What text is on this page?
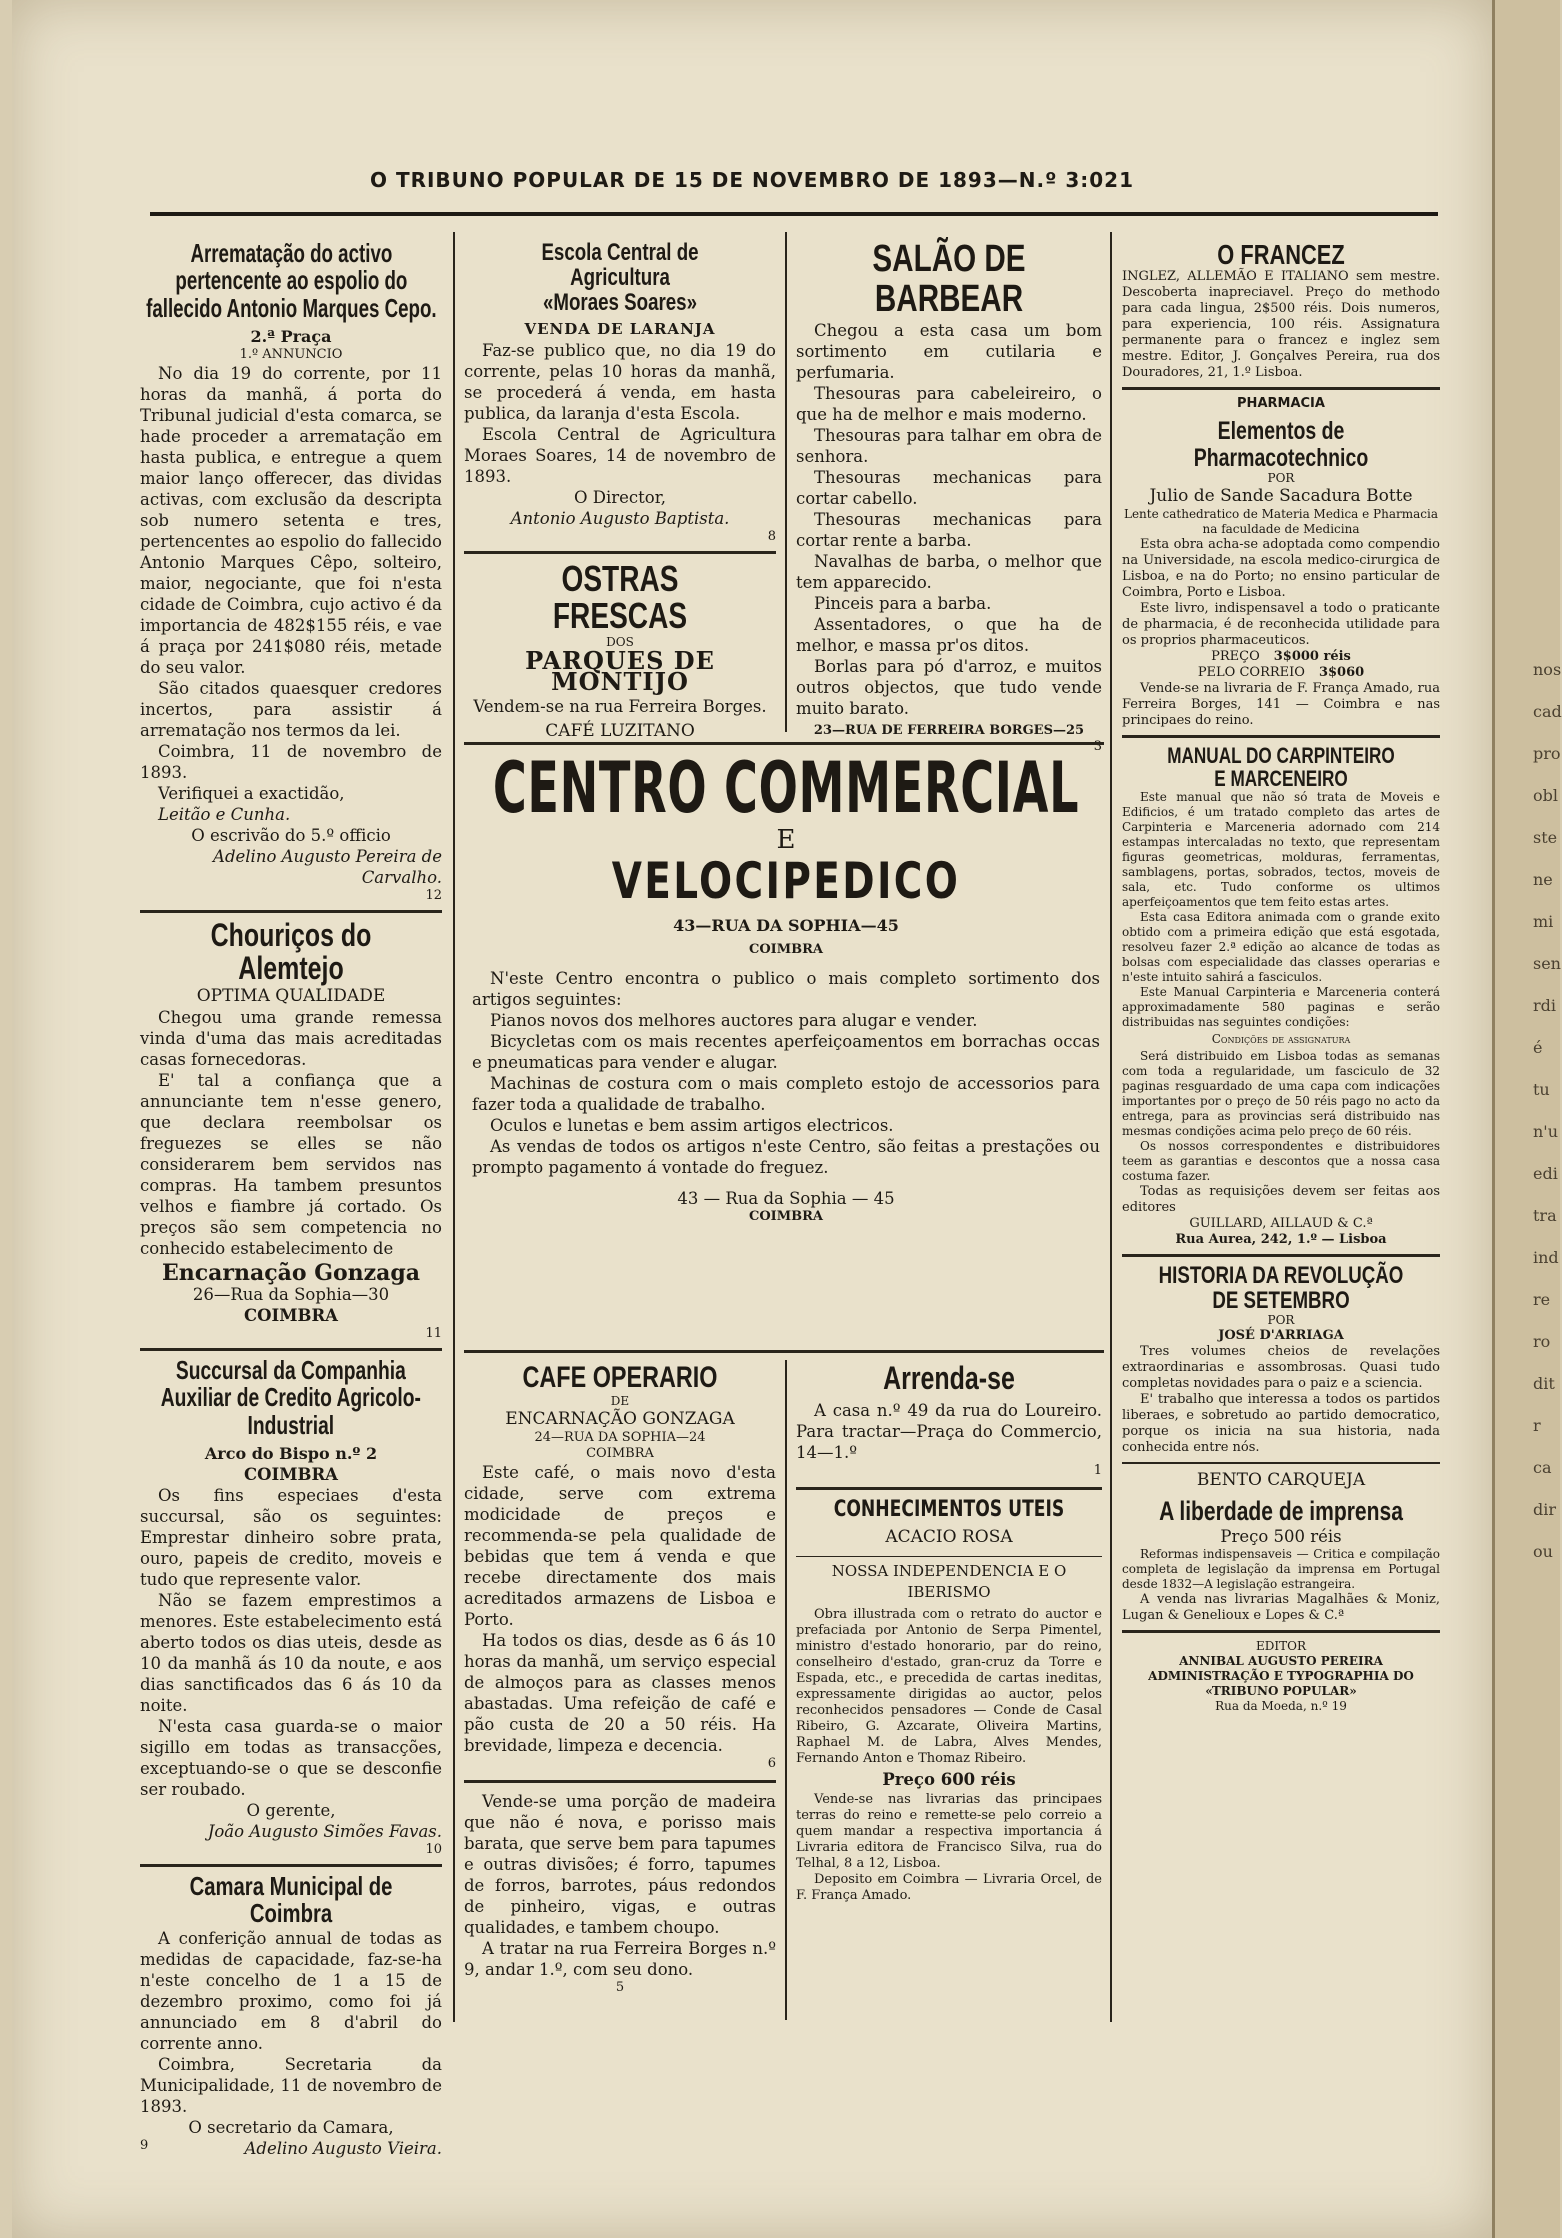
O TRIBUNO POPULAR DE 15 DE NOVEMBRO DE 1893—N.º 3:021
Arrematação do activo pertencente ao espolio do fallecido Antonio Marques Cepo.
2.ª Praça
1.º ANNUNCIO

No dia 19 do corrente, por 11 horas da manhã, á porta do Tribunal judicial d'esta comarca, se hade proceder a arrematação em hasta publica, e entregue a quem maior lanço offerecer, das dividas activas, com exclusão da descripta sob numero setenta e tres, pertencentes ao espolio do fallecido Antonio Marques Cêpo, solteiro, maior, negociante, que foi n'esta cidade de Coimbra, cujo activo é da importancia de 482$155 réis, e vae á praça por 241$080 réis, metade do seu valor.

São citados quaesquer credores incertos, para assistir á arrematação nos termos da lei.

Coimbra, 11 de novembro de 1893.

Verifiquei a exactidão,

Leitão e Cunha.

O escrivão do 5.º officio
Adelino Augusto Pereira de Carvalho.
12
Chouriços do Alemtejo
OPTIMA QUALIDADE

Chegou uma grande remessa vinda d'uma das mais acreditadas casas fornecedoras.

E' tal a confiança que a annunciante tem n'esse genero, que declara reembolsar os freguezes se elles se não considerarem bem servidos nas compras. Ha tambem presuntos velhos e fiambre já cortado. Os preços são sem competencia no conhecido estabelecimento de

Encarnação Gonzaga
26—Rua da Sophia—30
COIMBRA
11
Succursal da Companhia Auxiliar de Credito Agricolo-Industrial
Arco do Bispo n.º 2
COIMBRA

Os fins especiaes d'esta succursal, são os seguintes: Emprestar dinheiro sobre prata, ouro, papeis de credito, moveis e tudo que represente valor.

Não se fazem emprestimos a menores. Este estabelecimento está aberto todos os dias uteis, desde as 10 da manhã ás 10 da noute, e aos dias sanctificados das 6 ás 10 da noite.

N'esta casa guarda-se o maior sigillo em todas as transacções, exceptuando-se o que se desconfie ser roubado.

O gerente,
João Augusto Simões Favas.
10
Camara Municipal de Coimbra

A conferição annual de todas as medidas de capacidade, faz-se-ha n'este concelho de 1 a 15 de dezembro proximo, como foi já annunciado em 8 d'abril do corrente anno.

Coimbra, Secretaria da Municipalidade, 11 de novembro de 1893.

O secretario da Camara,
9	Adelino Augusto Vieira.
Escola Central de Agricultura
«Moraes Soares»
VENDA DE LARANJA

Faz-se publico que, no dia 19 do corrente, pelas 10 horas da manhã, se procederá á venda, em hasta publica, da laranja d'esta Escola.

Escola Central de Agricultura Moraes Soares, 14 de novembro de 1893.

O Director,
Antonio Augusto Baptista.
8
OSTRAS FRESCAS
DOS
PARQUES DE MONTIJO
Vendem-se na rua Ferreira Borges.
CAFÉ LUZITANO
SALÃO DE BARBEAR

Chegou a esta casa um bom sortimento em cutilaria e perfumaria.

Thesouras para cabeleireiro, o que ha de melhor e mais moderno.

Thesouras para talhar em obra de senhora.

Thesouras mechanicas para cortar cabello.

Thesouras mechanicas para cortar rente a barba.

Navalhas de barba, o melhor que tem apparecido.

Pinceis para a barba.

Assentadores, o que ha de melhor, e massa pr'os ditos.

Borlas para pó d'arroz, e muitos outros objectos, que tudo vende muito barato.

23—RUA DE FERREIRA BORGES—25
3
CENTRO COMMERCIAL
E
VELOCIPEDICO
43—RUA DA SOPHIA—45
COIMBRA

N'este Centro encontra o publico o mais completo sortimento dos artigos seguintes:

Pianos novos dos melhores auctores para alugar e vender.

Bicycletas com os mais recentes aperfeiçoamentos em borrachas occas e pneumaticas para vender e alugar.

Machinas de costura com o mais completo estojo de accessorios para fazer toda a qualidade de trabalho.

Oculos e lunetas e bem assim artigos electricos.

As vendas de todos os artigos n'este Centro, são feitas a prestações ou prompto pagamento á vontade do freguez.

43 — Rua da Sophia — 45
COIMBRA
CAFE OPERARIO
DE
ENCARNAÇÃO GONZAGA
24—RUA DA SOPHIA—24
COIMBRA

Este café, o mais novo d'esta cidade, serve com extrema modicidade de preços e recommenda-se pela qualidade de bebidas que tem á venda e que recebe directamente dos mais acreditados armazens de Lisboa e Porto.

Ha todos os dias, desde as 6 ás 10 horas da manhã, um serviço especial de almoços para as classes menos abastadas. Uma refeição de café e pão custa de 20 a 50 réis. Ha brevidade, limpeza e decencia.

6

Vende-se uma porção de madeira que não é nova, e porisso mais barata, que serve bem para tapumes e outras divisões; é forro, tapumes de forros, barrotes, páus redondos de pinheiro, vigas, e outras qualidades, e tambem choupo.

A tratar na rua Ferreira Borges n.º 9, andar 1.º, com seu dono.

5
Arrenda-se

A casa n.º 49 da rua do Loureiro. Para tractar—Praça do Commercio, 14—1.º

1
CONHECIMENTOS UTEIS
ACACIO ROSA
NOSSA INDEPENDENCIA E O IBERISMO

Obra illustrada com o retrato do auctor e prefaciada por Antonio de Serpa Pimentel, ministro d'estado honorario, par do reino, conselheiro d'estado, gran-cruz da Torre e Espada, etc., e precedida de cartas ineditas, expressamente dirigidas ao auctor, pelos reconhecidos pensadores — Conde de Casal Ribeiro, G. Azcarate, Oliveira Martins, Raphael M. de Labra, Alves Mendes, Fernando Anton e Thomaz Ribeiro.

Preço 600 réis

Vende-se nas livrarias das principaes terras do reino e remette-se pelo correio a quem mandar a respectiva importancia á Livraria editora de Francisco Silva, rua do Telhal, 8 a 12, Lisboa.

Deposito em Coimbra — Livraria Orcel, de F. França Amado.

O FRANCEZ

INGLEZ, ALLEMÃO E ITALIANO sem mestre. Descoberta inapreciavel. Preço do methodo para cada lingua, 2$500 réis. Dois numeros, para experiencia, 100 réis. Assignatura permanente para o francez e inglez sem mestre. Editor, J. Gonçalves Pereira, rua dos Douradores, 21, 1.º Lisboa.

PHARMACIA
Elementos de Pharmacotechnico
POR
Julio de Sande Sacadura Botte
Lente cathedratico de Materia Medica e Pharmacia na faculdade de Medicina

Esta obra acha-se adoptada como compendio na Universidade, na escola medico-cirurgica de Lisboa, e na do Porto; no ensino particular de Coimbra, Porto e Lisboa.

Este livro, indispensavel a todo o praticante de pharmacia, é de reconhecida utilidade para os proprios pharmaceuticos.

PREÇO 3$000 réis
PELO CORREIO 3$060

Vende-se na livraria de F. França Amado, rua Ferreira Borges, 141 — Coimbra e nas principaes do reino.

MANUAL DO CARPINTEIRO
E MARCENEIRO

Este manual que não só trata de Moveis e Edificios, é um tratado completo das artes de Carpinteria e Marceneria adornado com 214 estampas intercaladas no texto, que representam figuras geometricas, molduras, ferramentas, samblagens, portas, sobrados, tectos, moveis de sala, etc. Tudo conforme os ultimos aperfeiçoamentos que tem feito estas artes.

Esta casa Editora animada com o grande exito obtido com a primeira edição que está esgotada, resolveu fazer 2.ª edição ao alcance de todas as bolsas com especialidade das classes operarias e n'este intuito sahirá a fasciculos.

Este Manual Carpinteria e Marceneria conterá approximadamente 580 paginas e serão distribuidas nas seguintes condições:

Condições de assignatura

Será distribuido em Lisboa todas as semanas com toda a regularidade, um fasciculo de 32 paginas resguardado de uma capa com indicações importantes por o preço de 50 réis pago no acto da entrega, para as provincias será distribuido nas mesmas condições acima pelo preço de 60 réis.

Os nossos correspondentes e distribuidores teem as garantias e descontos que a nossa casa costuma fazer.

Todas as requisições devem ser feitas aos editores

GUILLARD, AILLAUD & C.ª
Rua Aurea, 242, 1.º — Lisboa
HISTORIA DA REVOLUÇÃO
DE SETEMBRO
POR
JOSÉ D'ARRIAGA

Tres volumes cheios de revelações extraordinarias e assombrosas. Quasi tudo completas novidades para o paiz e a sciencia.

E' trabalho que interessa a todos os partidos liberaes, e sobretudo ao partido democratico, porque os inicia na sua historia, nada conhecida entre nós.

BENTO CARQUEJA
A liberdade de imprensa
Preço 500 réis

Reformas indispensaveis — Critica e compilação completa de legislação da imprensa em Portugal desde 1832—A legislação estrangeira.

A venda nas livrarias Magalhães & Moniz, Lugan & Genelioux e Lopes & C.ª

EDITOR
ANNIBAL AUGUSTO PEREIRA
ADMINISTRAÇÃO E TYPOGRAPHIA DO «TRIBUNO POPULAR»
Rua da Moeda, n.º 19
nos
cad
pro
obl
ste
ne
mi
sen
rdi
é
tu
n'u
edi
tra
ind
re
ro
dit
r
ca
dir
ou
